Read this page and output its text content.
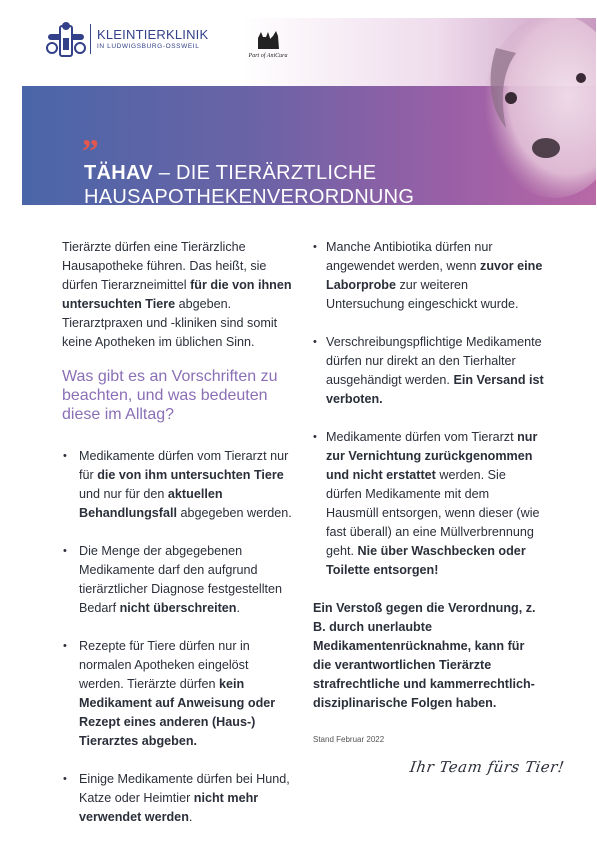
„
TÄHAV – DIE TIERÄRZTLICHE
HAUSAPOTHEKENVERORDNUNG
KLEINTIERKLINIK
IN LUDWIGSBURG-OSSWEIL
Part of AniCura

Tierärzte dürfen eine Tierärzliche Hausapotheke führen. Das heißt, sie dürfen Tierarzneimittel für die von ihnen untersuchten Tiere abgeben. Tierarztpraxen und -kliniken sind somit keine Apotheken im üblichen Sinn.

Was gibt es an Vorschriften zu beachten, und was bedeuten diese im Alltag?
• Medikamente dürfen vom Tierarzt nur für die von ihm untersuchten Tiere und nur für den aktuellen Behandlungsfall abgegeben werden.
• Die Menge der abgegebenen Medikamente darf den aufgrund tierärztlicher Diagnose festgestellten Bedarf nicht überschreiten.
• Rezepte für Tiere dürfen nur in normalen Apotheken eingelöst werden. Tierärzte dürfen kein Medikament auf Anweisung oder Rezept eines anderen (Haus-) Tierarztes abgeben.
• Einige Medikamente dürfen bei Hund, Katze oder Heimtier nicht mehr verwendet werden.
• Manche Antibiotika dürfen nur angewendet werden, wenn zuvor eine Laborprobe zur weiteren Untersuchung eingeschickt wurde.
• Verschreibungspflichtige Medikamente dürfen nur direkt an den Tierhalter ausgehändigt werden. Ein Versand ist verboten.
• Medikamente dürfen vom Tierarzt nur zur Vernichtung zurückgenommen und nicht erstattet werden. Sie dürfen Medikamente mit dem Hausmüll entsorgen, wenn dieser (wie fast überall) an eine Müllverbrennung geht. Nie über Waschbecken oder Toilette entsorgen!

Ein Verstoß gegen die Verordnung, z. B. durch unerlaubte Medikamentenrücknahme, kann für die verantwortlichen Tierärzte strafrechtliche und kammerrechtlich-disziplinarische Folgen haben.

Stand Februar 2022
Ihr Team fürs Tier!
